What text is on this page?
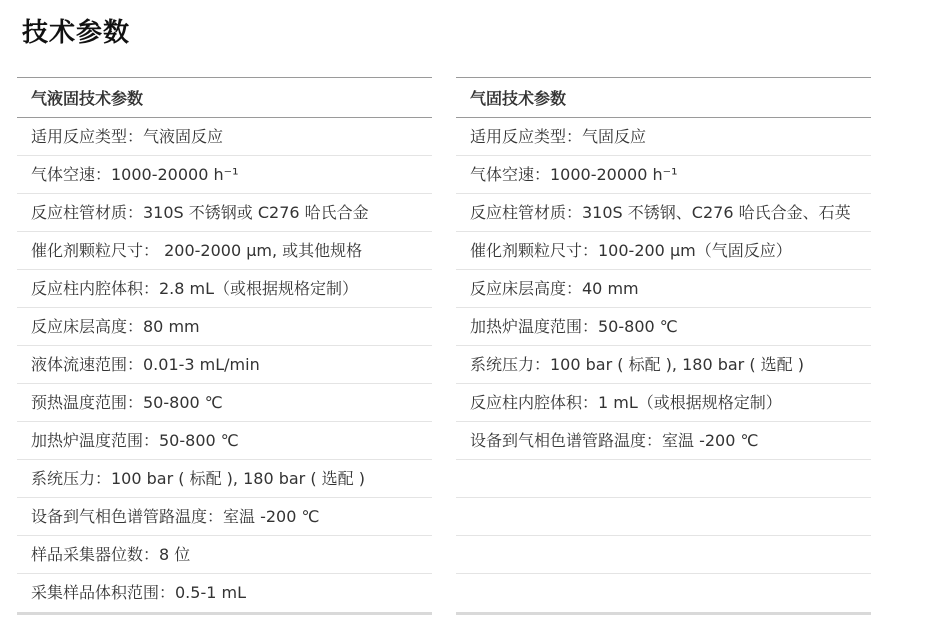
技术参数
气液固技术参数
适用反应类型：气液固反应
气体空速：1000-20000 h⁻¹
反应柱管材质：310S 不锈钢或 C276 哈氏合金
催化剂颗粒尺寸： 200-2000 μm, 或其他规格
反应柱内腔体积：2.8 mL（或根据规格定制）
反应床层高度：80 mm
液体流速范围：0.01-3 mL/min
预热温度范围：50-800 ℃
加热炉温度范围：50-800 ℃
系统压力：100 bar ( 标配 ), 180 bar ( 选配 )
设备到气相色谱管路温度：室温 -200 ℃
样品采集器位数：8 位
采集样品体积范围：0.5-1 mL
气固技术参数
适用反应类型：气固反应
气体空速：1000-20000 h⁻¹
反应柱管材质：310S 不锈钢、C276 哈氏合金、石英
催化剂颗粒尺寸：100-200 μm（气固反应）
反应床层高度：40 mm
加热炉温度范围：50-800 ℃
系统压力：100 bar ( 标配 ), 180 bar ( 选配 )
反应柱内腔体积：1 mL（或根据规格定制）
设备到气相色谱管路温度：室温 -200 ℃
